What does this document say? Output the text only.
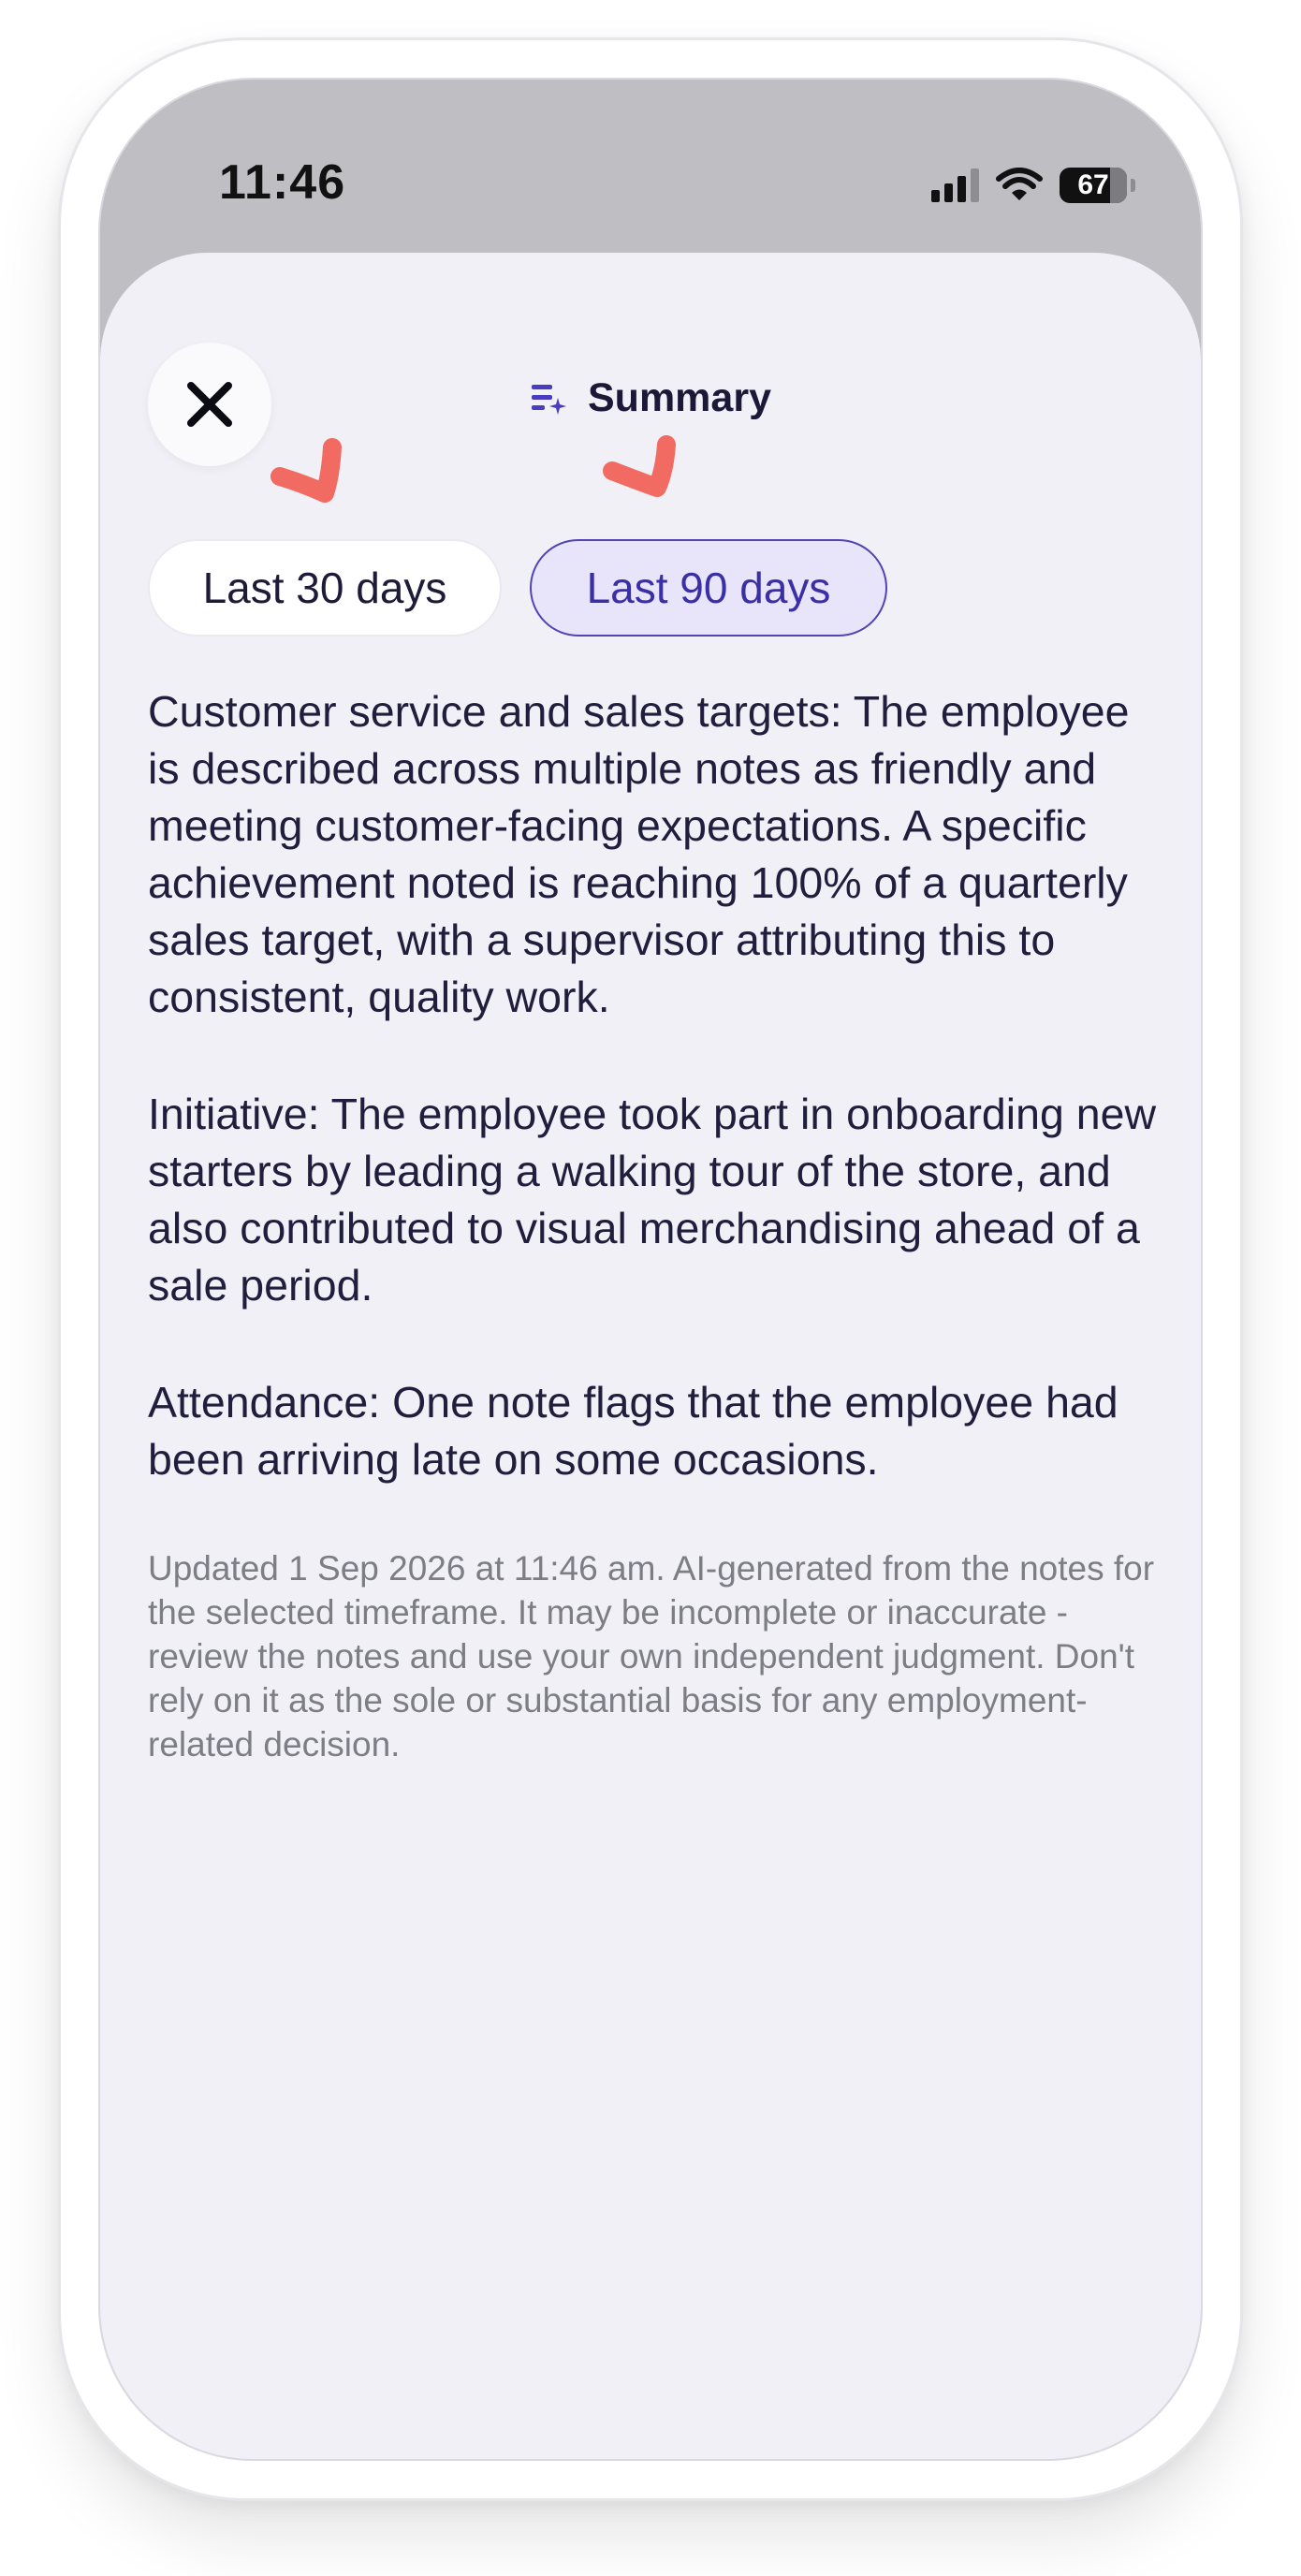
11:46	67
Summary
Last 30 days	Last 90 days

Customer service and sales targets: The employee is described across multiple notes as friendly and meeting customer-facing expectations. A specific achievement noted is reaching 100% of a quarterly sales target, with a supervisor attributing this to consistent, quality work.

Initiative: The employee took part in onboarding new starters by leading a walking tour of the store, and also contributed to visual merchandising ahead of a sale period.

Attendance: One note flags that the employee had been arriving late on some occasions.

Updated 1 Sep 2026 at 11:46 am. AI-generated from the notes for the selected timeframe. It may be incomplete or inaccurate - review the notes and use your own independent judgment. Don't rely on it as the sole or substantial basis for any employment-related decision.
